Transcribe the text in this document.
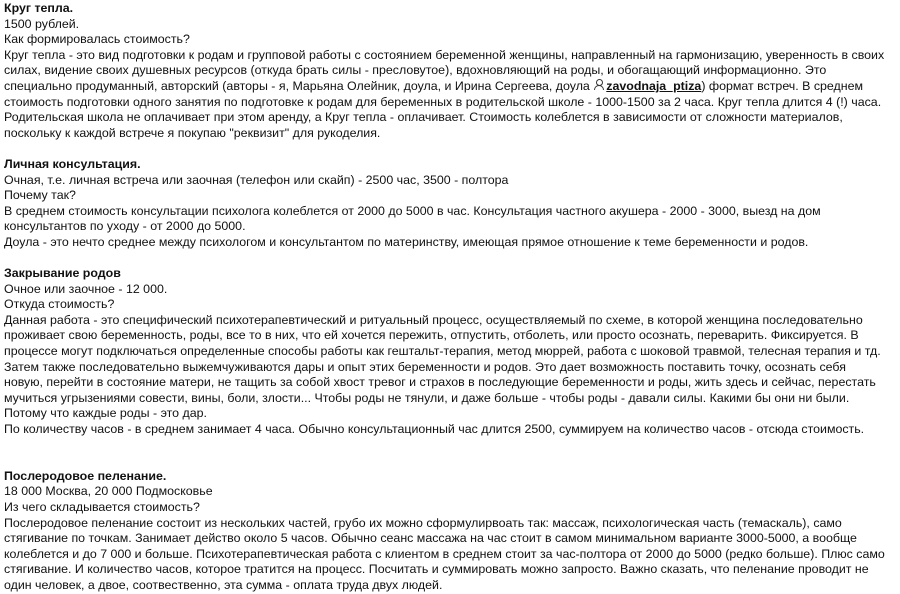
Круг тепла.
1500 рублей.
Как формировалась стоимость?
Круг тепла - это вид подготовки к родам и групповой работы с состоянием беременной женщины, направленный на гармонизацию, уверенность в своих силах, видение своих душевных ресурсов (откуда брать силы - пресловутое), вдохновляющий на роды, и обогащающий информационно. Это специально продуманный, авторский (авторы - я, Марьяна Олейник, доула, и Ирина Сергеева, доула
zavodnaja_ptiza) формат встреч. В среднем стоимость подготовки одного занятия по подготовке к родам для беременных в родительской школе - 1000-1500 за 2 часа. Круг тепла длится 4 (!) часа. Родительская школа не оплачивает при этом аренду, а Круг тепла - оплачивает. Стоимость колеблется в зависимости от сложности материалов, поскольку к каждой встрече я покупаю "реквизит" для рукоделия.
Личная консультация.
Очная, т.е. личная встреча или заочная (телефон или скайп) - 2500 час, 3500 - полтора
Почему так?
В среднем стоимость консультации психолога колеблется от 2000 до 5000 в час. Консультация частного акушера - 2000 - 3000, выезд на дом консультантов по уходу - от 2000 до 5000.
Доула - это нечто среднее между психологом и консультантом по материнству, имеющая прямое отношение к теме беременности и родов.
Закрывание родов
Очное или заочное - 12 000.
Откуда стоимость?
Данная работа - это специфический психотерапевтический и ритуальный процесс, осуществляемый по схеме, в которой женщина последовательно проживает свою беременность, роды, все то в них, что ей хочется пережить, отпустить, отболеть, или просто осознать, переварить. Фиксируется. В процессе могут подключаться определенные способы работы как гештальт-терапия, метод мюррей, работа с шоковой травмой, телесная терапия и тд. Затем также последовательно выжемчуживаются дары и опыт этих беременности и родов. Это дает возможность поставить точку, осознать себя новую, перейти в состояние матери, не тащить за собой хвост тревог и страхов в последующие беременности и роды, жить здесь и сейчас, перестать мучиться угрызениями совести, вины, боли, злости... Чтобы роды не тянули, и даже больше - чтобы роды - давали силы. Какими бы они ни были. Потому что каждые роды - это дар.
По количеству часов - в среднем занимает 4 часа. Обычно консультационный час длится 2500, суммируем на количество часов - отсюда стоимость.
Послеродовое пеленание.
18 000 Москва, 20 000 Подмосковье
Из чего складывается стоимость?
Послеродовое пеленание состоит из нескольких частей, грубо их можно сформулирвоать так: массаж, психологическая часть (темаскаль), само стягивание по точкам. Занимает действо около 5 часов. Обычно сеанс массажа на час стоит в самом минимальном варианте 3000-5000, а вообще колеблется и до 7 000 и больше. Психотерапевтическая работа с клиентом в среднем стоит за час-полтора от 2000 до 5000 (редко больше). Плюс само стягивание. И количество часов, которое тратится на процесс. Посчитать и суммировать можно запросто. Важно сказать, что пеленание проводит не один человек, а двое, соотвественно, эта сумма - оплата труда двух людей.
